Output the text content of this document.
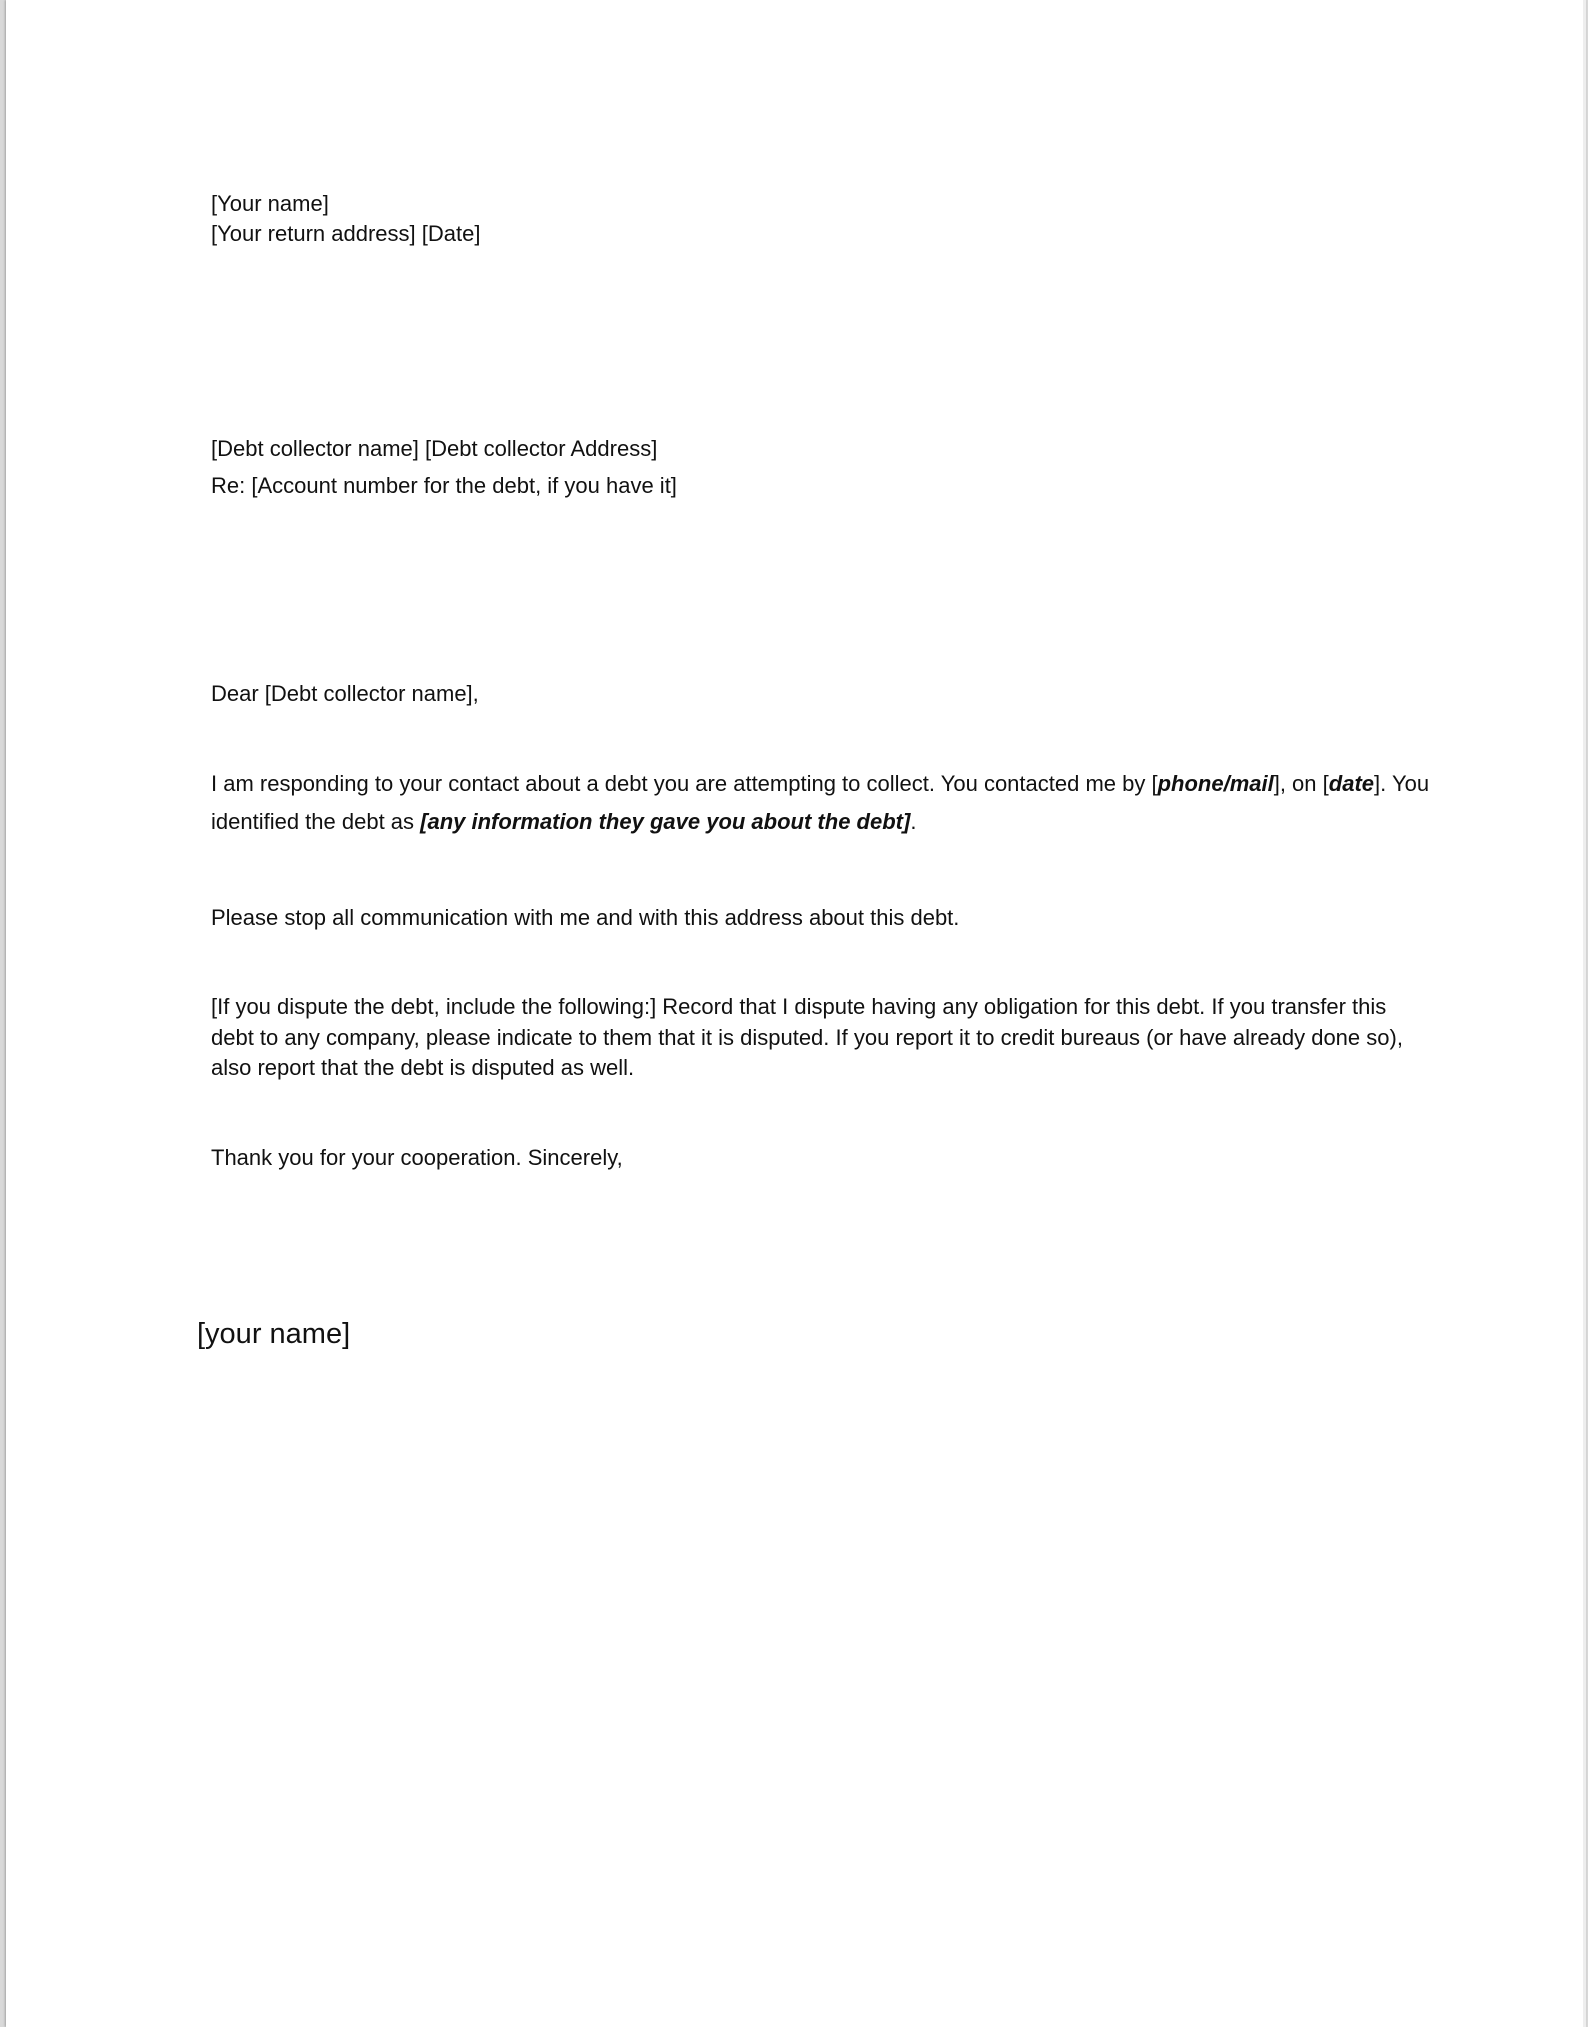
[Your name]
[Your return address] [Date]
[Debt collector name] [Debt collector Address]
Re: [Account number for the debt, if you have it]
Dear [Debt collector name],
I am responding to your contact about a debt you are attempting to collect. You contacted me by [phone/mail], on [date]. You identified the debt as [any information they gave you about the debt].
Please stop all communication with me and with this address about this debt.
[If you dispute the debt, include the following:] Record that I dispute having any obligation for this debt. If you transfer this debt to any company, please indicate to them that it is disputed. If you report it to credit bureaus (or have already done so), also report that the debt is disputed as well.
Thank you for your cooperation. Sincerely,
[your name]
